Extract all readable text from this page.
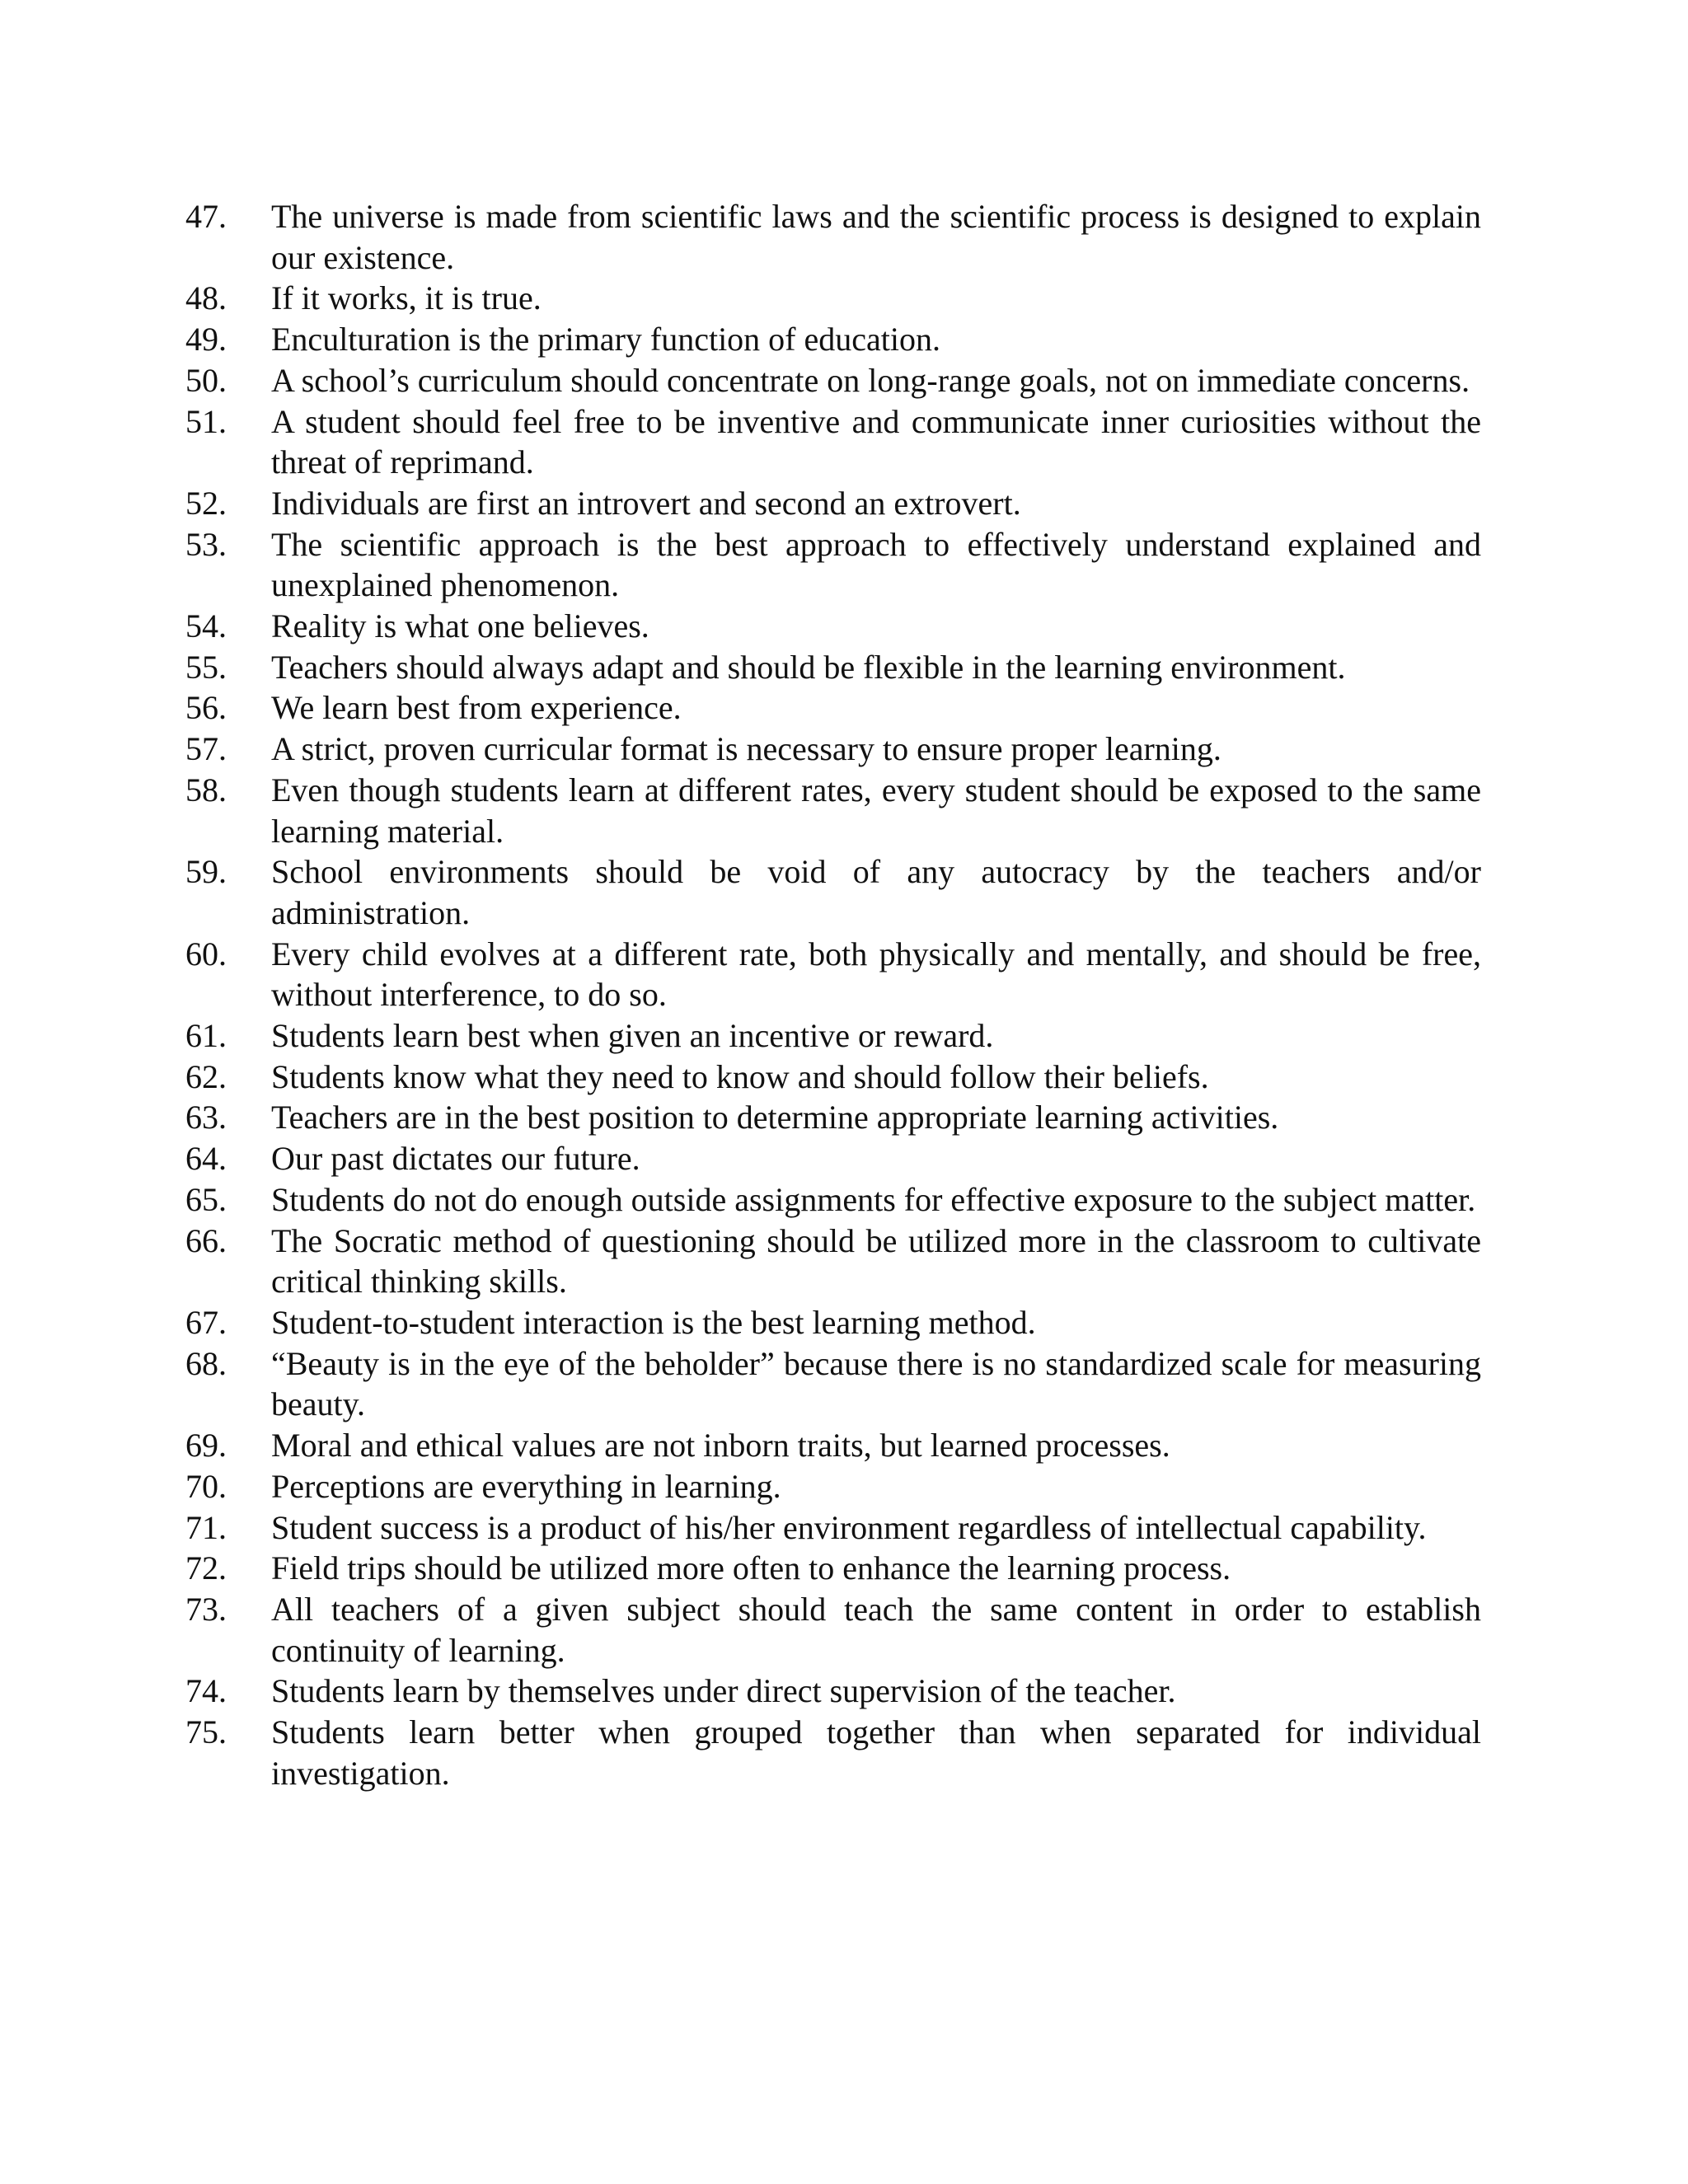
47.	The universe is made from scientific laws and the scientific process is designed to explain our existence.
48.	If it works, it is true.
49.	Enculturation is the primary function of education.
50.	A school’s curriculum should concentrate on long-range goals, not on immediate concerns.
51.	A student should feel free to be inventive and communicate inner curiosities without the threat of reprimand.
52.	Individuals are first an introvert and second an extrovert.
53.	The scientific approach is the best approach to effectively understand explained and unexplained phenomenon.
54.	Reality is what one believes.
55.	Teachers should always adapt and should be flexible in the learning environment.
56.	We learn best from experience.
57.	A strict, proven curricular format is necessary to ensure proper learning.
58.	Even though students learn at different rates, every student should be exposed to the same learning material.
59.	School environments should be void of any autocracy by the teachers and/or administration.
60.	Every child evolves at a different rate, both physically and mentally, and should be free, without interference, to do so.
61.	Students learn best when given an incentive or reward.
62.	Students know what they need to know and should follow their beliefs.
63.	Teachers are in the best position to determine appropriate learning activities.
64.	Our past dictates our future.
65.	Students do not do enough outside assignments for effective exposure to the subject matter.
66.	The Socratic method of questioning should be utilized more in the classroom to cultivate critical thinking skills.
67.	Student-to-student interaction is the best learning method.
68.	“Beauty is in the eye of the beholder” because there is no standardized scale for measuring beauty.
69.	Moral and ethical values are not inborn traits, but learned processes.
70.	Perceptions are everything in learning.
71.	Student success is a product of his/her environment regardless of intellectual capability.
72.	Field trips should be utilized more often to enhance the learning process.
73.	All teachers of a given subject should teach the same content in order to establish continuity of learning.
74.	Students learn by themselves under direct supervision of the teacher.
75.	Students learn better when grouped together than when separated for individual investigation.
